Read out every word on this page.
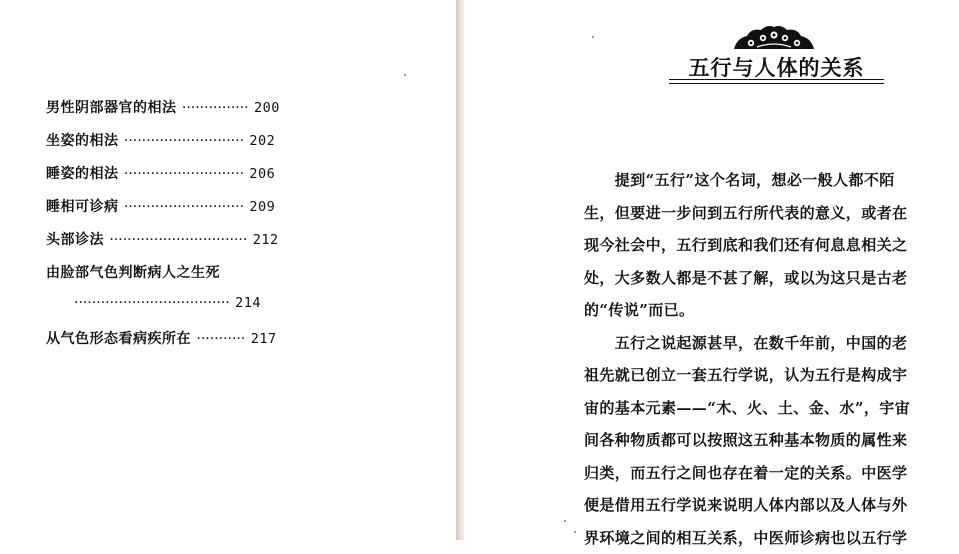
男性阴部器官的相法 ··············· 200
坐姿的相法 ··························· 202
睡姿的相法 ··························· 206
睡相可诊病 ··························· 209
头部诊法 ······························· 212
由脸部气色判断病人之生死
··································· 214
从气色形态看病疾所在 ··········· 217
五行与人体的关系
　　提到“五行”这个名词，想必一般人都不陌
生，但要进一步问到五行所代表的意义，或者在
现今社会中，五行到底和我们还有何息息相关之
处，大多数人都是不甚了解，或以为这只是古老
的“传说”而已。
　　五行之说起源甚早，在数千年前，中国的老
祖先就已创立一套五行学说，认为五行是构成宇
宙的基本元素——“木、火、土、金、水”，宇宙
间各种物质都可以按照这五种基本物质的属性来
归类，而五行之间也存在着一定的关系。中医学
便是借用五行学说来说明人体内部以及人体与外
界环境之间的相互关系，中医师诊病也以五行学
